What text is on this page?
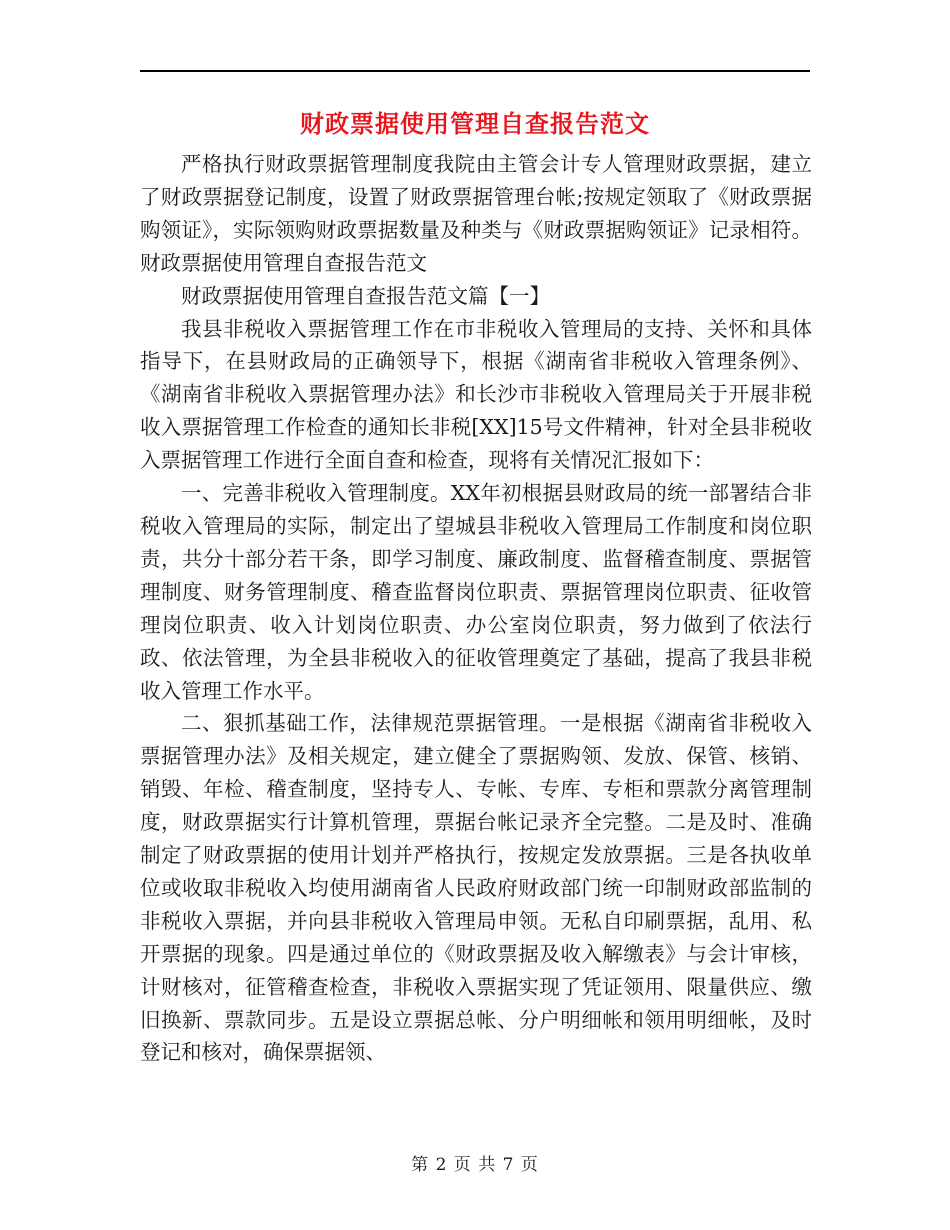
财政票据使用管理自查报告范文

严格执行财政票据管理制度我院由主管会计专人管理财政票据，建立了财政票据登记制度，设置了财政票据管理台帐;按规定领取了《财政票据购领证》，实际领购财政票据数量及种类与《财政票据购领证》记录相符。财政票据使用管理自查报告范文

财政票据使用管理自查报告范文篇【一】

我县非税收入票据管理工作在市非税收入管理局的支持、关怀和具体指导下，在县财政局的正确领导下，根据《湖南省非税收入管理条例》、《湖南省非税收入票据管理办法》和长沙市非税收入管理局关于开展非税收入票据管理工作检查的通知长非税[XX]15号文件精神，针对全县非税收入票据管理工作进行全面自查和检查，现将有关情况汇报如下：

一、完善非税收入管理制度。XX年初根据县财政局的统一部署结合非税收入管理局的实际，制定出了望城县非税收入管理局工作制度和岗位职责，共分十部分若干条，即学习制度、廉政制度、监督稽查制度、票据管理制度、财务管理制度、稽查监督岗位职责、票据管理岗位职责、征收管理岗位职责、收入计划岗位职责、办公室岗位职责，努力做到了依法行政、依法管理，为全县非税收入的征收管理奠定了基础，提高了我县非税收入管理工作水平。

二、狠抓基础工作，法律规范票据管理。一是根据《湖南省非税收入票据管理办法》及相关规定，建立健全了票据购领、发放、保管、核销、销毁、年检、稽查制度，坚持专人、专帐、专库、专柜和票款分离管理制度，财政票据实行计算机管理，票据台帐记录齐全完整。二是及时、准确制定了财政票据的使用计划并严格执行，按规定发放票据。三是各执收单位或收取非税收入均使用湖南省人民政府财政部门统一印制财政部监制的非税收入票据，并向县非税收入管理局申领。无私自印刷票据，乱用、私开票据的现象。四是通过单位的《财政票据及收入解缴表》与会计审核，计财核对，征管稽查检查，非税收入票据实现了凭证领用、限量供应、缴旧换新、票款同步。五是设立票据总帐、分户明细帐和领用明细帐，及时登记和核对，确保票据领、

第 2 页 共 7 页
